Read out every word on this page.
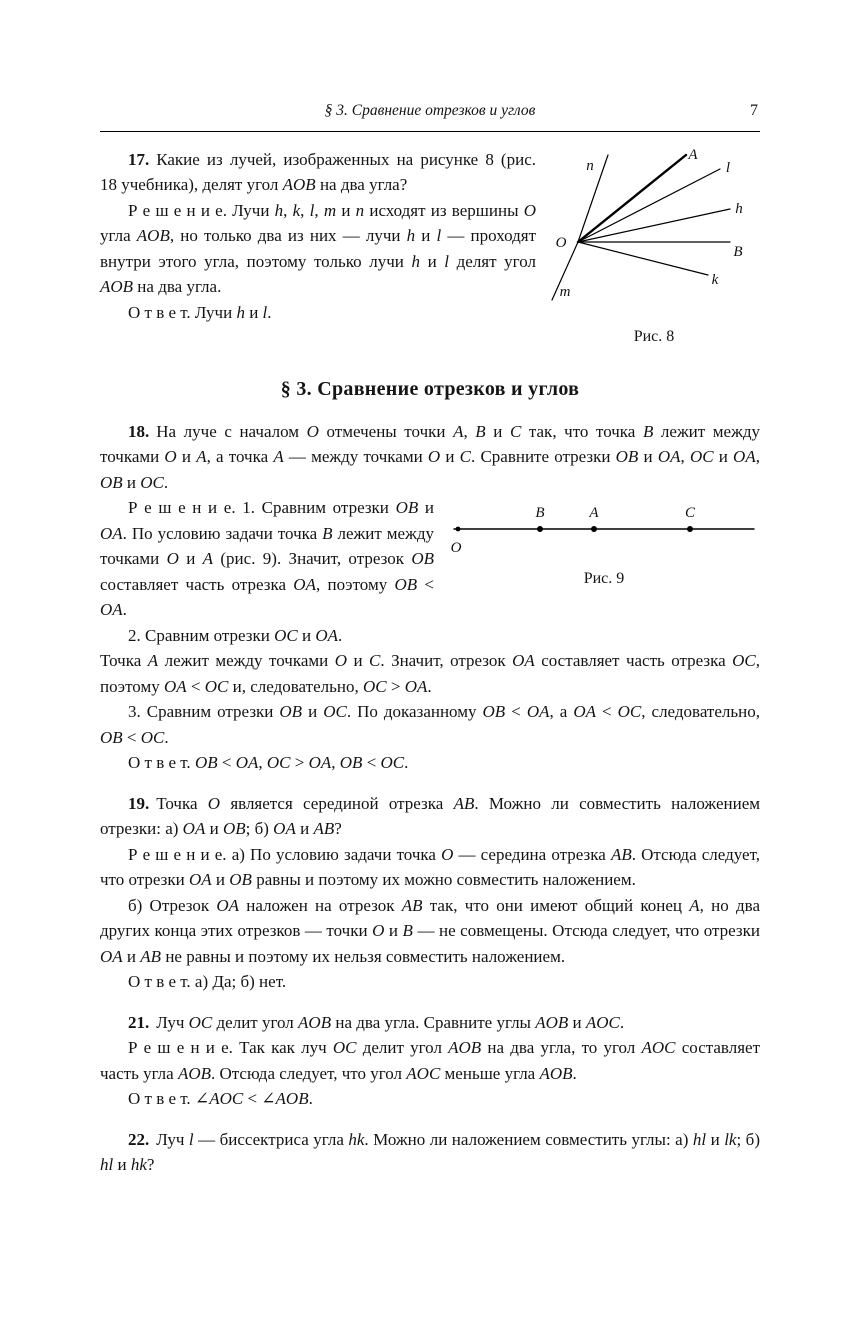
§ 3. Сравнение отрезков и углов	7
O
n
A
l
h
B
k
m
Рис. 8

17. Какие из лучей, изображенных на рисунке 8 (рис. 18 учебника), делят угол AOB на два угла?

Р е ш е н и е. Лучи h, k, l, m и n исходят из вершины O угла AOB, но только два из них — лучи h и l — проходят внутри этого угла, поэтому только лучи h и l делят угол AOB на два угла.

О т в е т. Лучи h и l.

§ 3. Сравнение отрезков и углов

18. На луче с началом O отмечены точки A, B и C так, что точка B лежит между точками O и A, а точка A — между точками O и C. Сравните отрезки OB и OA, OC и OA, OB и OC.

O
B	A	C
Рис. 9

Р е ш е н и е. 1. Сравним отрезки OB и OA. По условию задачи точка B лежит между точками O и A (рис. 9). Значит, отрезок OB составляет часть отрезка OA, поэтому OB < OA.

2. Сравним отрезки OC и OA.

Точка A лежит между точками O и C. Значит, отрезок OA составляет часть отрезка OC, поэтому OA < OC и, следовательно, OC > OA.

3. Сравним отрезки OB и OC. По доказанному OB < OA, а OA < OC, следовательно, OB < OC.

О т в е т. OB < OA, OC > OA, OB < OC.

19. Точка O является серединой отрезка AB. Можно ли совместить наложением отрезки: а) OA и OB; б) OA и AB?

Р е ш е н и е. а) По условию задачи точка O — середина отрезка AB. Отсюда следует, что отрезки OA и OB равны и поэтому их можно совместить наложением.

б) Отрезок OA наложен на отрезок AB так, что они имеют общий конец A, но два других конца этих отрезков — точки O и B — не совмещены. Отсюда следует, что отрезки OA и AB не равны и поэтому их нельзя совместить наложением.

О т в е т. а) Да; б) нет.

21. Луч OC делит угол AOB на два угла. Сравните углы AOB и AOC.

Р е ш е н и е. Так как луч OC делит угол AOB на два угла, то угол AOC составляет часть угла AOB. Отсюда следует, что угол AOC меньше угла AOB.

О т в е т. ∠AOC < ∠AOB.

22. Луч l — биссектриса угла hk. Можно ли наложением совместить углы: а) hl и lk; б) hl и hk?
